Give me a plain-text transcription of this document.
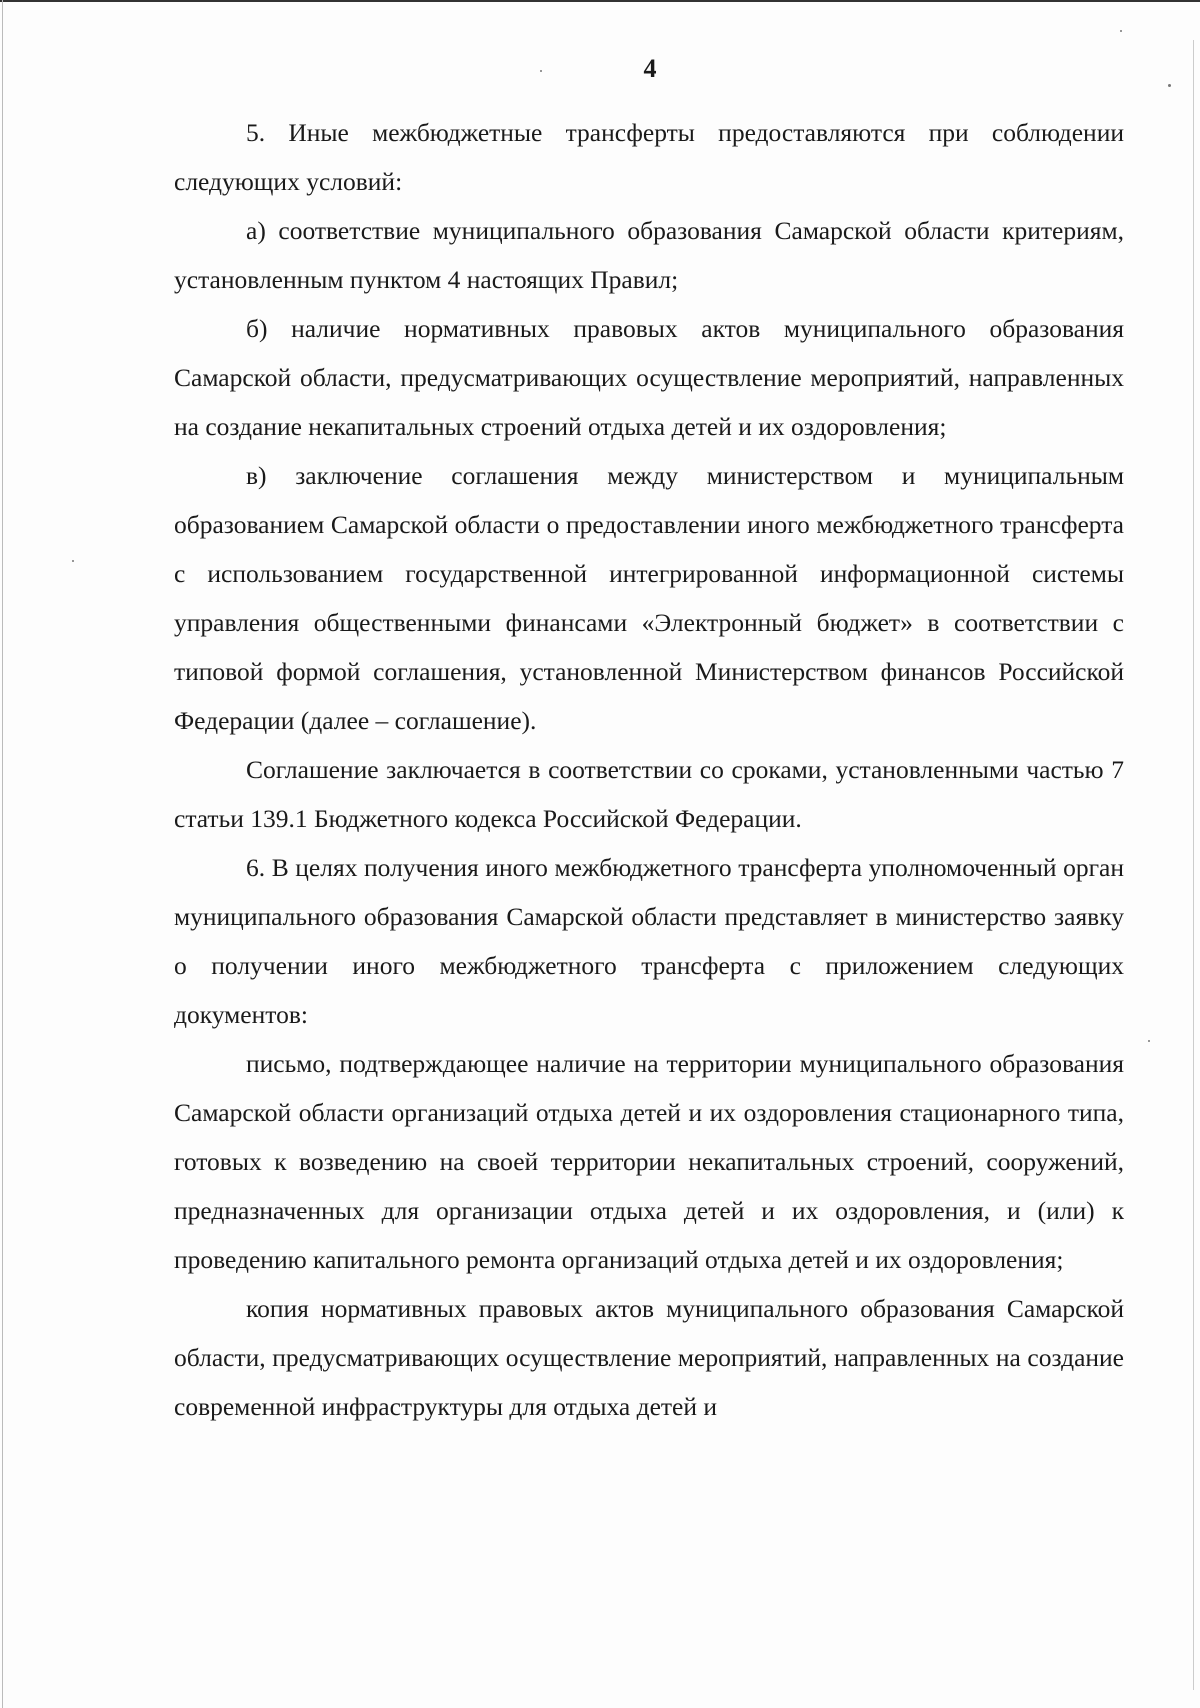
4

5. Иные межбюджетные трансферты предоставляются при соблюдении следующих условий:

а) соответствие муниципального образования Самарской области критериям, установленным пунктом 4 настоящих Правил;

б) наличие нормативных правовых актов муниципального образования Самарской области, предусматривающих осуществление мероприятий, направленных на создание некапитальных строений отдыха детей и их оздоровления;

в) заключение соглашения между министерством и муниципальным образованием Самарской области о предоставлении иного межбюджетного трансферта с использованием государственной интегрированной информационной системы управления общественными финансами «Электронный бюджет» в соответствии с типовой формой соглашения, установленной Министерством финансов Российской Федерации (далее – соглашение).

Соглашение заключается в соответствии со сроками, установленными частью 7 статьи 139.1 Бюджетного кодекса Российской Федерации.

6. В целях получения иного межбюджетного трансферта уполномоченный орган муниципального образования Самарской области представляет в министерство заявку о получении иного межбюджетного трансферта с приложением следующих документов:

письмо, подтверждающее наличие на территории муниципального образования Самарской области организаций отдыха детей и их оздоровления стационарного типа, готовых к возведению на своей территории некапитальных строений, сооружений, предназначенных для организации отдыха детей и их оздоровления, и (или) к проведению капитального ремонта организаций отдыха детей и их оздоровления;

копия нормативных правовых актов муниципального образования Самарской области, предусматривающих осуществление мероприятий, направленных на создание современной инфраструктуры для отдыха детей и
